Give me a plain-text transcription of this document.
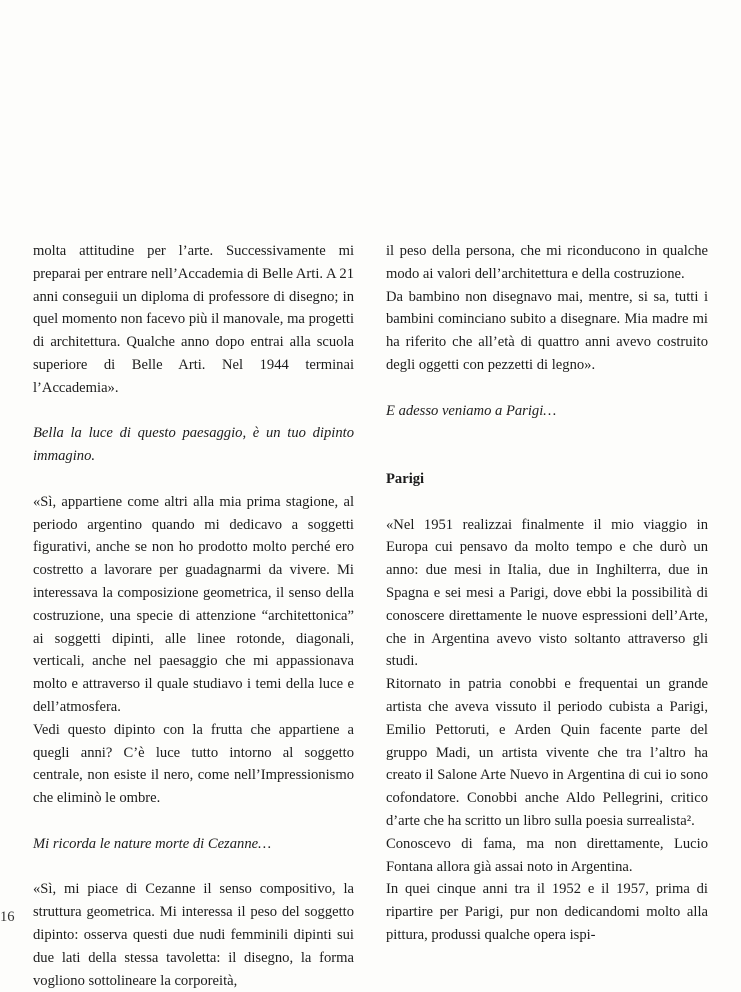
molta attitudine per l’arte. Successivamente mi preparai per entrare nell’Accademia di Belle Arti. A 21 anni conseguii un diploma di professore di disegno; in quel momento non facevo più il manovale, ma progetti di architettura. Qualche anno dopo entrai alla scuola superiore di Belle Arti. Nel 1944 terminai l’Accademia».

Bella la luce di questo paesaggio, è un tuo dipinto immagino.

«Sì, appartiene come altri alla mia prima stagione, al periodo argentino quando mi dedicavo a soggetti figurativi, anche se non ho prodotto molto perché ero costretto a lavorare per guadagnarmi da vivere. Mi interessava la composizione geometrica, il senso della costruzione, una specie di attenzione “architettonica” ai soggetti dipinti, alle linee rotonde, diagonali, verticali, anche nel paesaggio che mi appassionava molto e attraverso il quale studiavo i temi della luce e dell’atmosfera.

Vedi questo dipinto con la frutta che appartiene a quegli anni? C’è luce tutto intorno al soggetto centrale, non esiste il nero, come nell’Impressionismo che eliminò le ombre.

Mi ricorda le nature morte di Cezanne…

«Sì, mi piace di Cezanne il senso compositivo, la struttura geometrica. Mi interessa il peso del soggetto dipinto: osserva questi due nudi femminili dipinti sui due lati della stessa tavoletta: il disegno, la forma vogliono sottolineare la corporeità,

il peso della persona, che mi riconducono in qualche modo ai valori dell’architettura e della costruzione.

Da bambino non disegnavo mai, mentre, si sa, tutti i bambini cominciano subito a disegnare. Mia madre mi ha riferito che all’età di quattro anni avevo costruito degli oggetti con pezzetti di legno».

E adesso veniamo a Parigi…

Parigi

«Nel 1951 realizzai finalmente il mio viaggio in Europa cui pensavo da molto tempo e che durò un anno: due mesi in Italia, due in Inghilterra, due in Spagna e sei mesi a Parigi, dove ebbi la possibilità di conoscere direttamente le nuove espressioni dell’Arte, che in Argentina avevo visto soltanto attraverso gli studi.

Ritornato in patria conobbi e frequentai un grande artista che aveva vissuto il periodo cubista a Parigi, Emilio Pettoruti, e Arden Quin facente parte del gruppo Madi, un artista vivente che tra l’altro ha creato il Salone Arte Nuevo in Argentina di cui io sono cofondatore. Conobbi anche Aldo Pellegrini, critico d’arte che ha scritto un libro sulla poesia surrealista².

Conoscevo di fama, ma non direttamente, Lucio Fontana allora già assai noto in Argentina.

In quei cinque anni tra il 1952 e il 1957, prima di ripartire per Parigi, pur non dedicandomi molto alla pittura, produssi qualche opera ispi-

16
